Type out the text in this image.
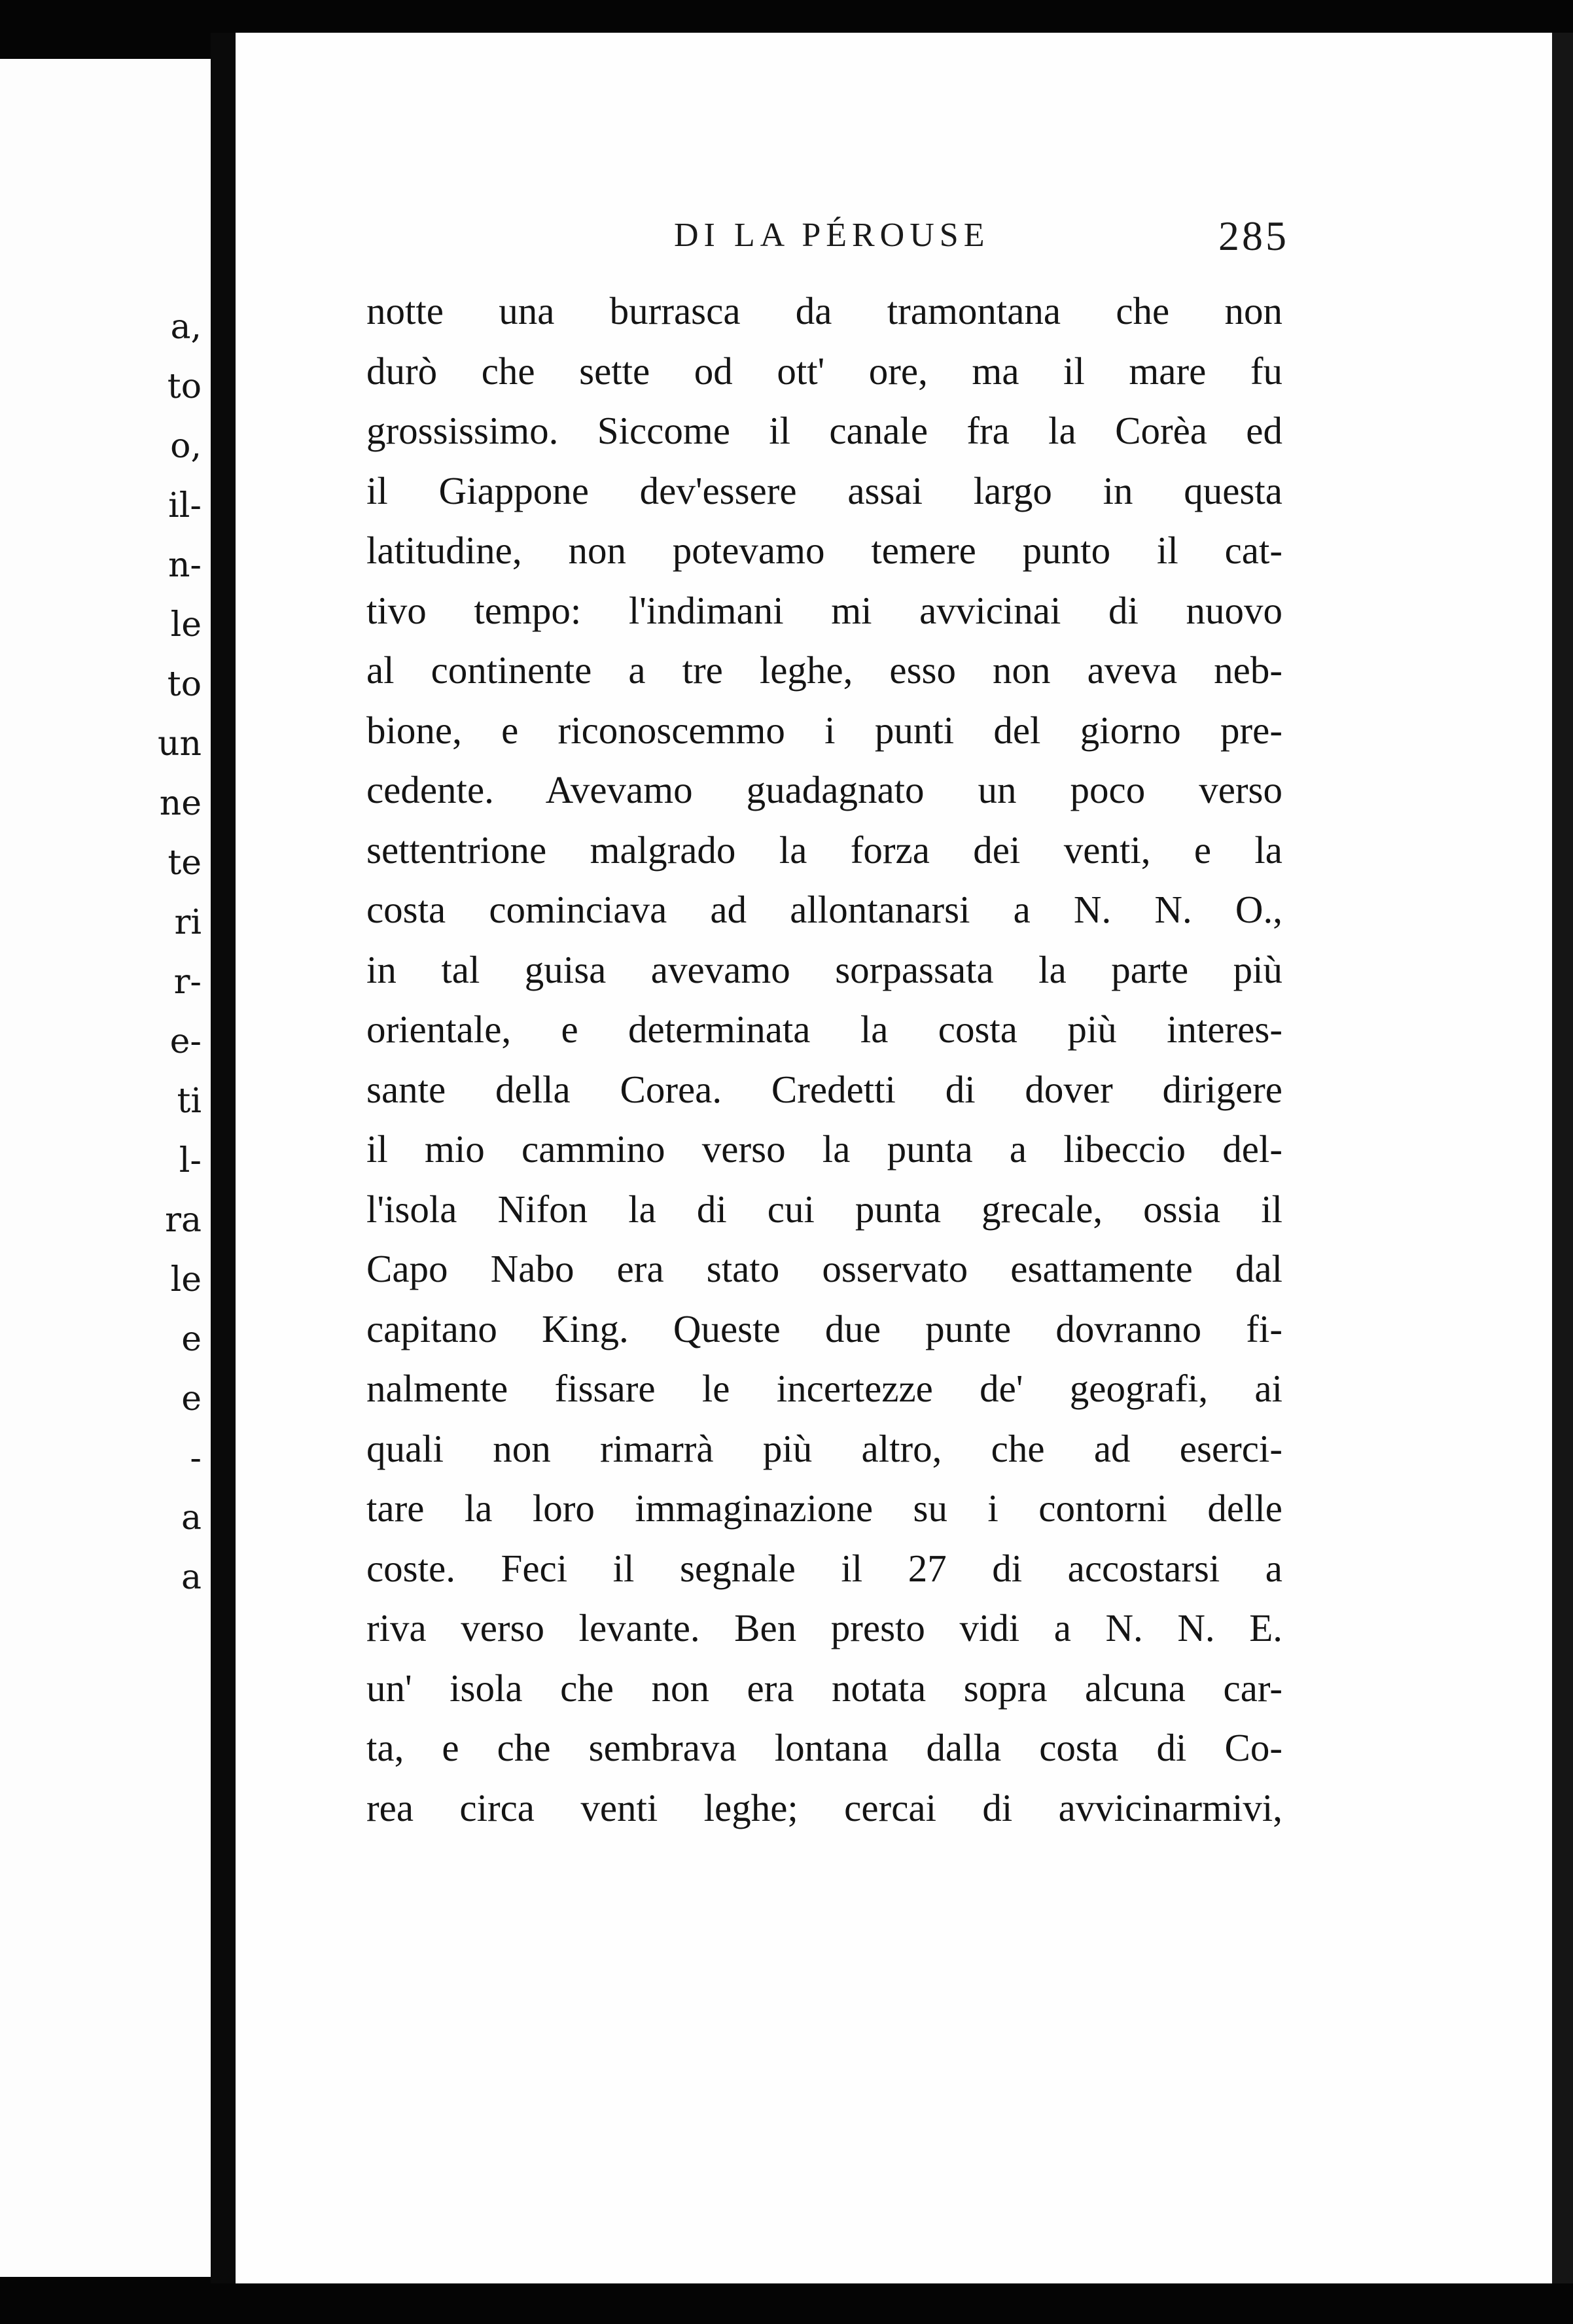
a,
to
o,
il-
n-
le
to
un
ne
te
ri
r-
e-
ti
l-
ra
le
e
e
-
a
a
DI LA PÉROUSE	285
notte una burrasca da tramontana che non
durò che sette od ott' ore, ma il mare fu
grossissimo. Siccome il canale fra la Corèa ed
il Giappone dev'essere assai largo in questa
latitudine, non potevamo temere punto il cat-
tivo tempo: l'indimani mi avvicinai di nuovo
al continente a tre leghe, esso non aveva neb-
bione, e riconoscemmo i punti del giorno pre-
cedente. Avevamo guadagnato un poco verso
settentrione malgrado la forza dei venti, e la
costa cominciava ad allontanarsi a N. N. O.,
in tal guisa avevamo sorpassata la parte più
orientale, e determinata la costa più interes-
sante della Corea. Credetti di dover dirigere
il mio cammino verso la punta a libeccio del-
l'isola Nifon la di cui punta grecale, ossia il
Capo Nabo era stato osservato esattamente dal
capitano King. Queste due punte dovranno fi-
nalmente fissare le incertezze de' geografi, ai
quali non rimarrà più altro, che ad eserci-
tare la loro immaginazione su i contorni delle
coste. Feci il segnale il 27 di accostarsi a
riva verso levante. Ben presto vidi a N. N. E.
un' isola che non era notata sopra alcuna car-
ta, e che sembrava lontana dalla costa di Co-
rea circa venti leghe; cercai di avvicinarmivi,
